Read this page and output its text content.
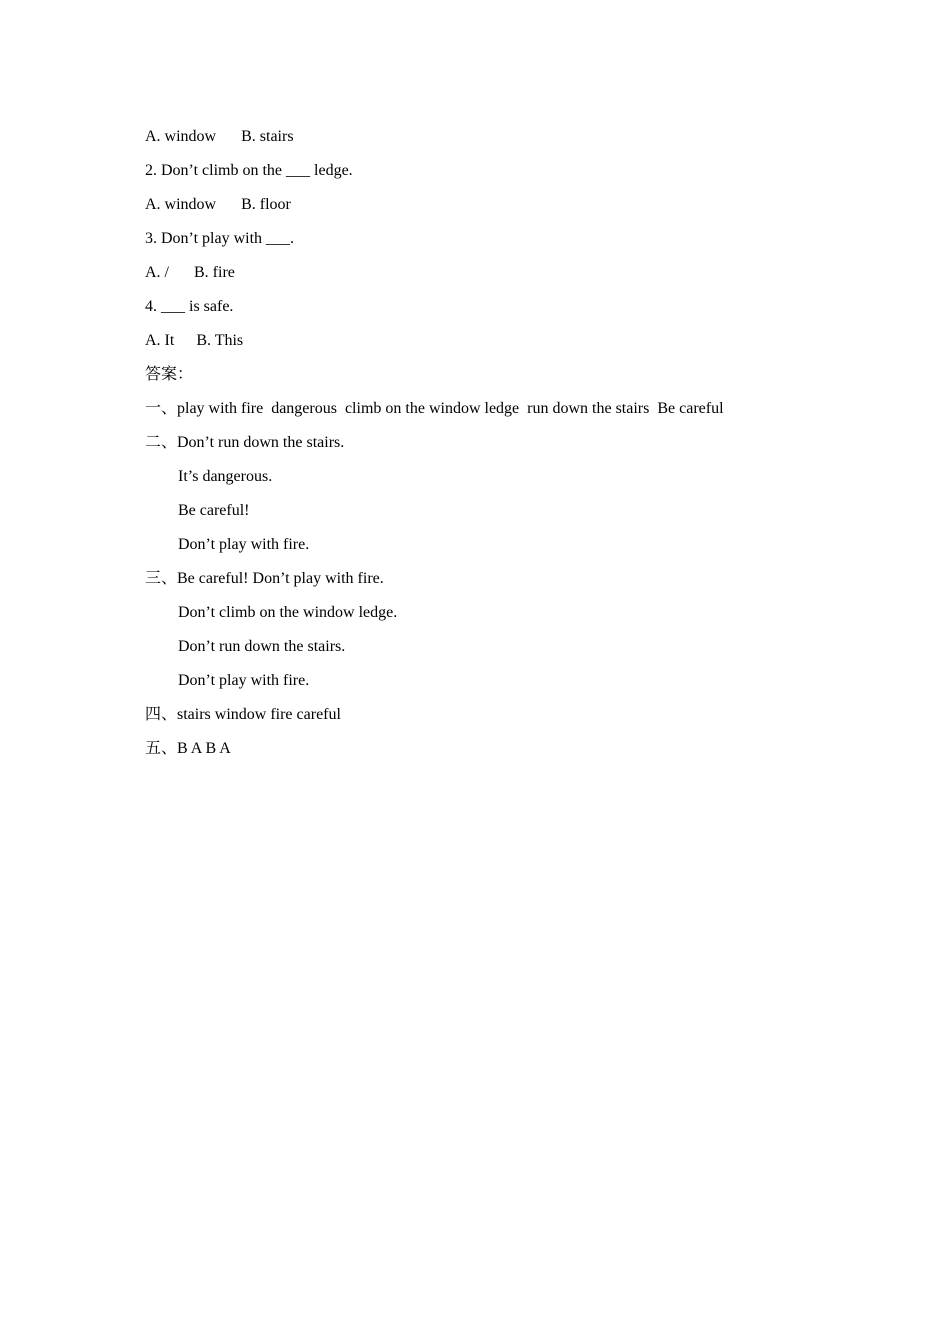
A. window B. stairs
2. Don’t climb on the ___ ledge.
A. window B. floor
3. Don’t play with ___.
A. / B. fire
4. ___ is safe.
A. It B. This
答案：
一、play with fire  dangerous  climb on the window ledge  run down the stairs  Be careful
二、Don’t run down the stairs.
It’s dangerous.
Be careful!
Don’t play with fire.
三、Be careful! Don’t play with fire.
Don’t climb on the window ledge.
Don’t run down the stairs.
Don’t play with fire.
四、stairs window fire careful
五、B A B A
